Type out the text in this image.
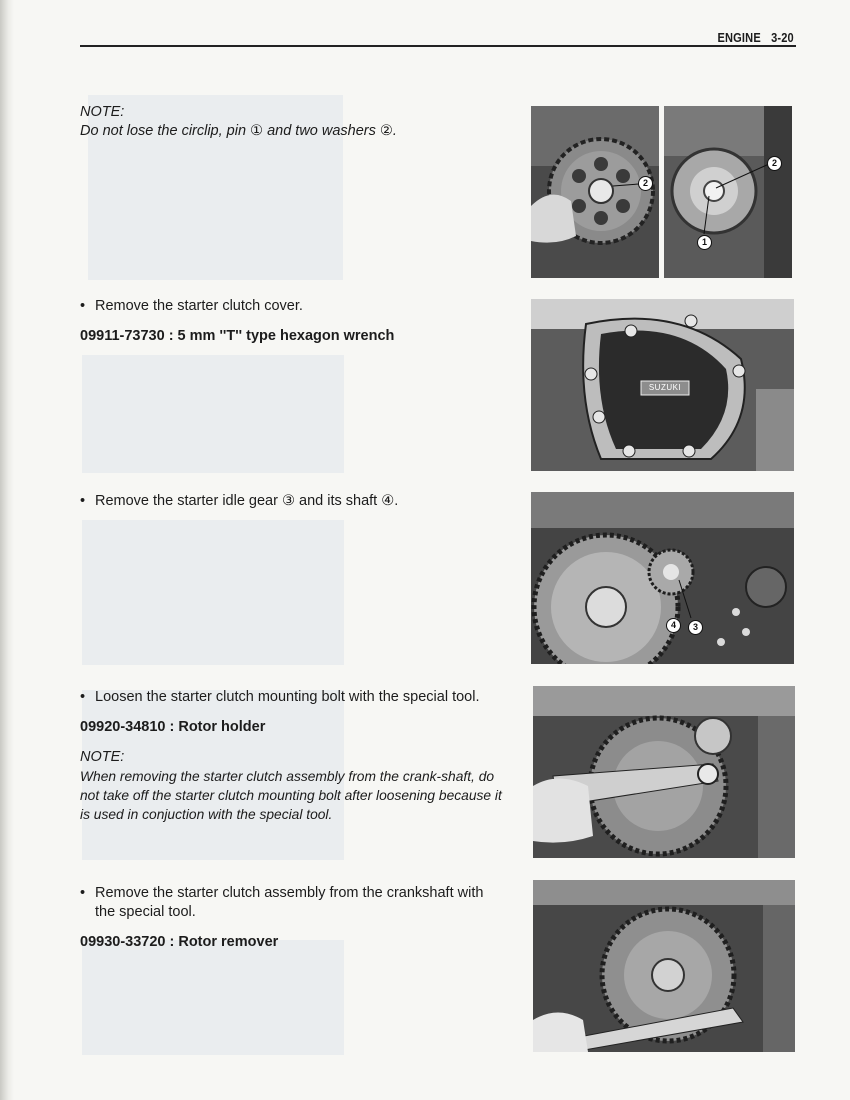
ENGINE 3-20
NOTE:
Do not lose the circlip, pin ① and two washers ②.
2
2
1
• Remove the starter clutch cover.
09911-73730 : 5 mm ''T'' type hexagon wrench
SUZUKI
• Remove the starter idle gear ③ and its shaft ④.
4	3
• Loosen the starter clutch mounting bolt with the special tool.
09920-34810 : Rotor holder
NOTE:
When removing the starter clutch assembly from the crank-shaft, do not take off the starter clutch mounting bolt after loosening because it is used in conjuction with the special tool.
• Remove the starter clutch assembly from the crankshaft with the special tool.
09930-33720 : Rotor remover
